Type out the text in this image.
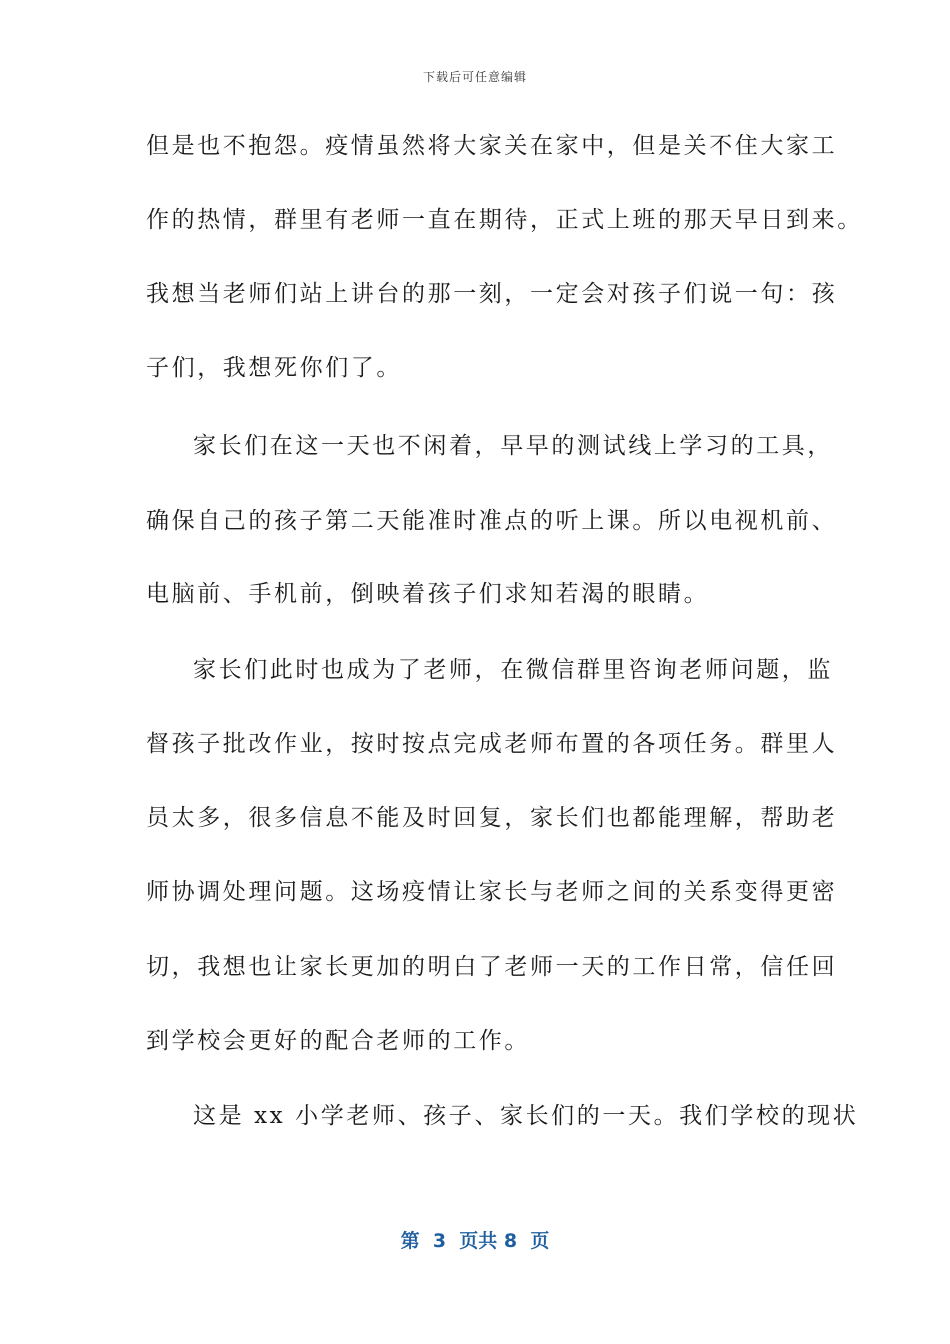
下载后可任意编辑
但是也不抱怨。疫情虽然将大家关在家中，但是关不住大家工
作的热情，群里有老师一直在期待，正式上班的那天早日到来。
我想当老师们站上讲台的那一刻，一定会对孩子们说一句：孩
子们，我想死你们了。
家长们在这一天也不闲着，早早的测试线上学习的工具，
确保自己的孩子第二天能准时准点的听上课。所以电视机前、
电脑前、手机前，倒映着孩子们求知若渴的眼睛。
家长们此时也成为了老师，在微信群里咨询老师问题，监
督孩子批改作业，按时按点完成老师布置的各项任务。群里人
员太多，很多信息不能及时回复，家长们也都能理解，帮助老
师协调处理问题。这场疫情让家长与老师之间的关系变得更密
切，我想也让家长更加的明白了老师一天的工作日常，信任回
到学校会更好的配合老师的工作。
这是 xx 小学老师、孩子、家长们的一天。我们学校的现状
第  3  页共 8  页
